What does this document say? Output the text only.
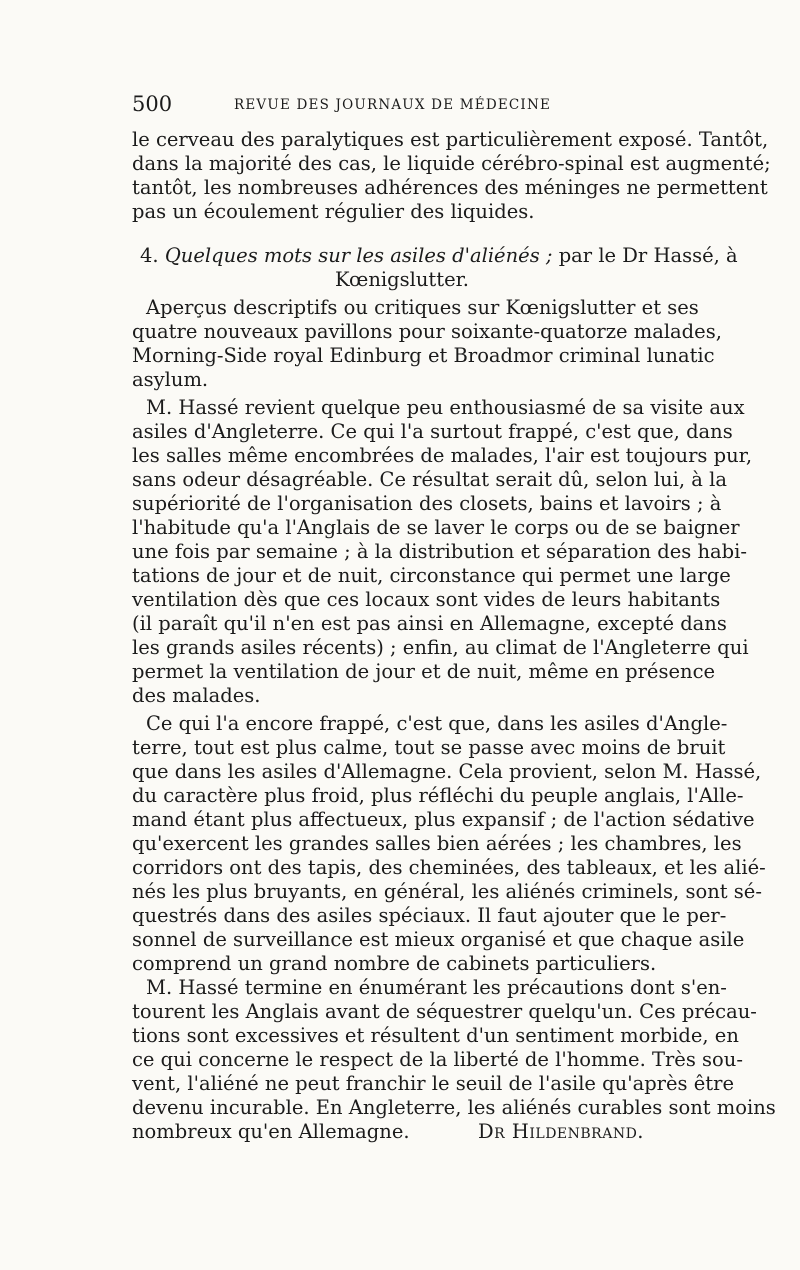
500	REVUE DES JOURNAUX DE MÉDECINE
le cerveau des paralytiques est particulièrement exposé. Tantôt,
dans la majorité des cas, le liquide cérébro-spinal est augmenté;
tantôt, les nombreuses adhérences des méninges ne permettent
pas un écoulement régulier des liquides.
4. Quelques mots sur les asiles d'aliénés ; par le Dr Hassé, à
Kœnigslutter.
Aperçus descriptifs ou critiques sur Kœnigslutter et ses
quatre nouveaux pavillons pour soixante-quatorze malades,
Morning-Side royal Edinburg et Broadmor criminal lunatic
asylum.
M. Hassé revient quelque peu enthousiasmé de sa visite aux
asiles d'Angleterre. Ce qui l'a surtout frappé, c'est que, dans
les salles même encombrées de malades, l'air est toujours pur,
sans odeur désagréable. Ce résultat serait dû, selon lui, à la
supériorité de l'organisation des closets, bains et lavoirs ; à
l'habitude qu'a l'Anglais de se laver le corps ou de se baigner
une fois par semaine ; à la distribution et séparation des habi-
tations de jour et de nuit, circonstance qui permet une large
ventilation dès que ces locaux sont vides de leurs habitants
(il paraît qu'il n'en est pas ainsi en Allemagne, excepté dans
les grands asiles récents) ; enfin, au climat de l'Angleterre qui
permet la ventilation de jour et de nuit, même en présence
des malades.
Ce qui l'a encore frappé, c'est que, dans les asiles d'Angle-
terre, tout est plus calme, tout se passe avec moins de bruit
que dans les asiles d'Allemagne. Cela provient, selon M. Hassé,
du caractère plus froid, plus réfléchi du peuple anglais, l'Alle-
mand étant plus affectueux, plus expansif ; de l'action sédative
qu'exercent les grandes salles bien aérées ; les chambres, les
corridors ont des tapis, des cheminées, des tableaux, et les alié-
nés les plus bruyants, en général, les aliénés criminels, sont sé-
questrés dans des asiles spéciaux. Il faut ajouter que le per-
sonnel de surveillance est mieux organisé et que chaque asile
comprend un grand nombre de cabinets particuliers.
M. Hassé termine en énumérant les précautions dont s'en-
tourent les Anglais avant de séquestrer quelqu'un. Ces précau-
tions sont excessives et résultent d'un sentiment morbide, en
ce qui concerne le respect de la liberté de l'homme. Très sou-
vent, l'aliéné ne peut franchir le seuil de l'asile qu'après être
devenu incurable. En Angleterre, les aliénés curables sont moins
nombreux qu'en Allemagne.	Dr Hildenbrand.
